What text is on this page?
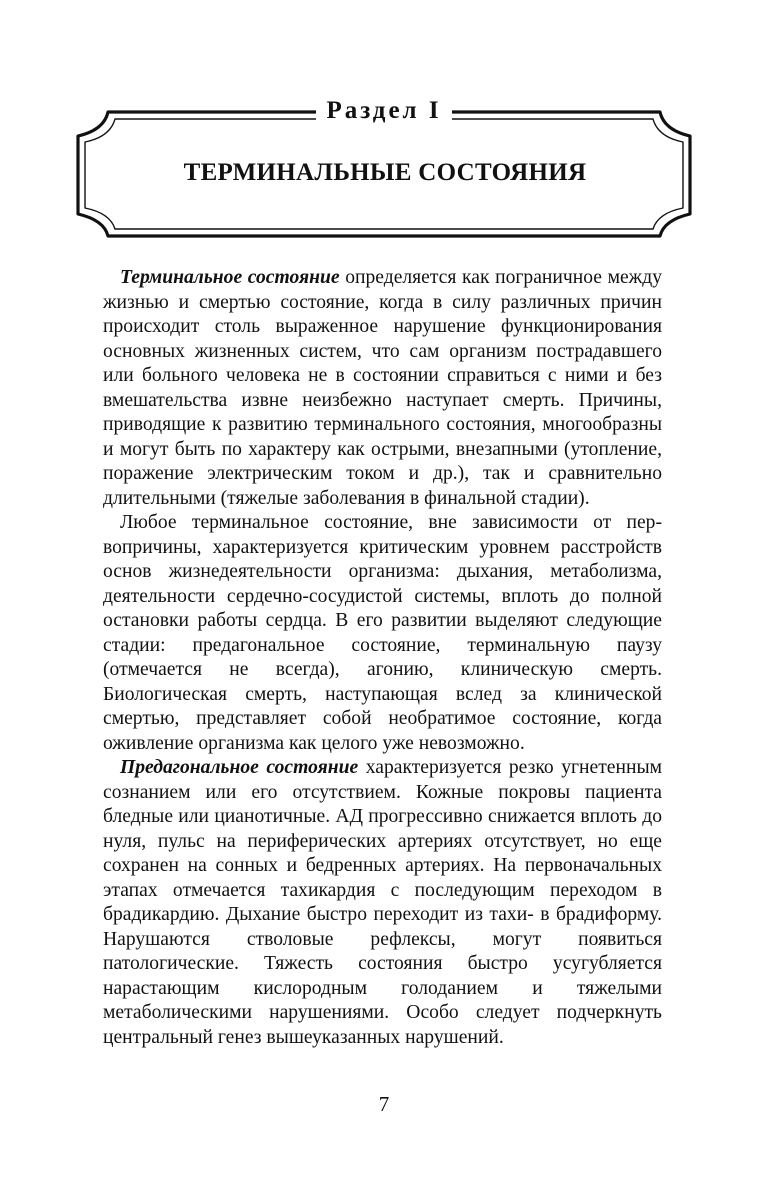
Раздел I
ТЕРМИНАЛЬНЫЕ СОСТОЯНИЯ

Терминальное состояние определяется как пограничное между жизнью и смертью состояние, когда в силу различных причин происходит столь выраженное нарушение функционирования основных жизненных систем, что сам организм пострадавшего или больного человека не в состоянии справиться с ними и без вмешательства извне неизбежно наступает смерть. Причины, приводящие к развитию терминального состояния, многообразны и могут быть по характеру как острыми, внезапными (утопление, поражение электрическим током и др.), так и сравнительно длительными (тяжелые заболевания в финальной стадии).

Любое терминальное состояние, вне зависимости от первопричины, характеризуется критическим уровнем расстройств основ жизнедеятельности организма: дыхания, метаболизма, деятельности сердечно-сосудистой системы, вплоть до полной остановки работы сердца. В его развитии выделяют следующие стадии: предагональное состояние, терминальную паузу (отмечается не всегда), агонию, клиническую смерть. Биологическая смерть, наступающая вслед за клинической смертью, представляет собой необратимое состояние, когда оживление организма как целого уже невозможно.

Предагональное состояние характеризуется резко угнетенным сознанием или его отсутствием. Кожные покровы пациента бледные или цианотичные. АД прогрессивно снижается вплоть до нуля, пульс на периферических артериях отсутствует, но еще сохранен на сонных и бедренных артериях. На первоначальных этапах отмечается тахикардия с последующим переходом в брадикардию. Дыхание быстро переходит из тахи- в брадиформу. Нарушаются стволовые рефлексы, могут появиться патологические. Тяжесть состояния быстро усугубляется нарастающим кислородным голоданием и тяжелыми метаболическими нарушениями. Особо следует подчеркнуть центральный генез вышеуказанных нарушений.

7
